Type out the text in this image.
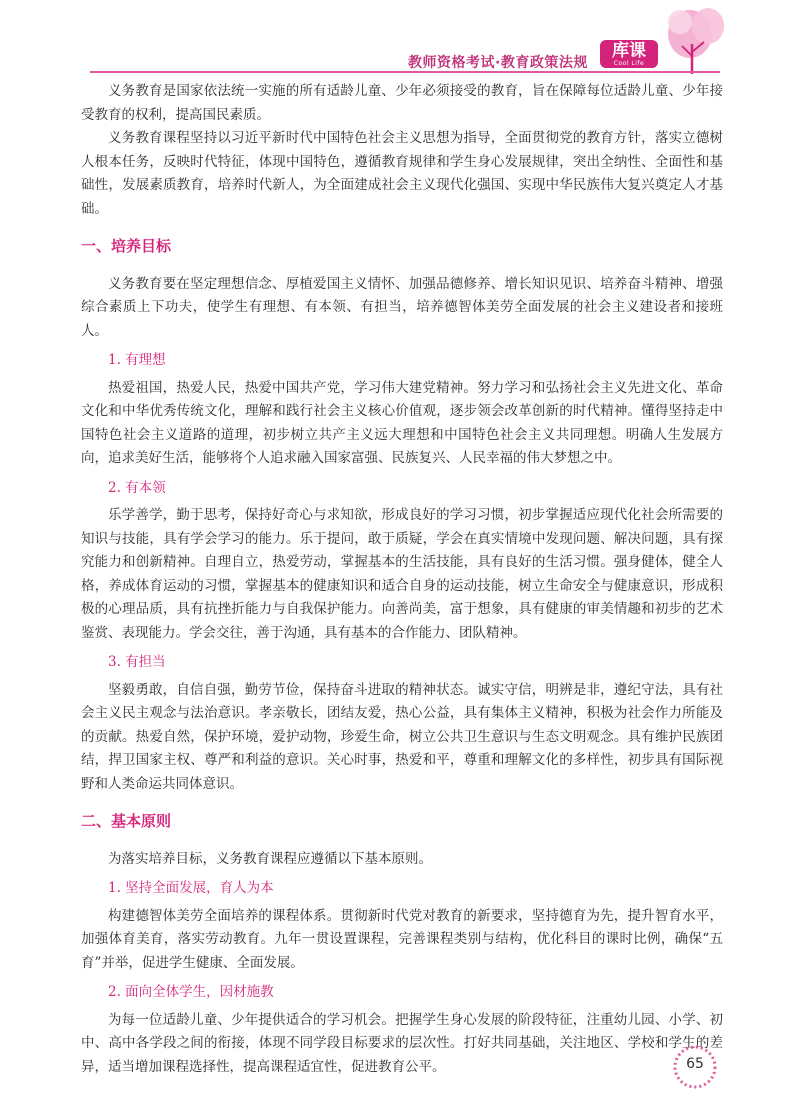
教师资格考试·教育政策法规
库课
Cool Life

义务教育是国家依法统一实施的所有适龄儿童、少年必须接受的教育，旨在保障每位适龄儿童、少年接受教育的权利，提高国民素质。

义务教育课程坚持以习近平新时代中国特色社会主义思想为指导，全面贯彻党的教育方针，落实立德树人根本任务，反映时代特征，体现中国特色，遵循教育规律和学生身心发展规律，突出全纳性、全面性和基础性，发展素质教育，培养时代新人，为全面建成社会主义现代化强国、实现中华民族伟大复兴奠定人才基础。

一、培养目标

义务教育要在坚定理想信念、厚植爱国主义情怀、加强品德修养、增长知识见识、培养奋斗精神、增强综合素质上下功夫，使学生有理想、有本领、有担当，培养德智体美劳全面发展的社会主义建设者和接班人。

1. 有理想

热爱祖国，热爱人民，热爱中国共产党，学习伟大建党精神。努力学习和弘扬社会主义先进文化、革命文化和中华优秀传统文化，理解和践行社会主义核心价值观，逐步领会改革创新的时代精神。懂得坚持走中国特色社会主义道路的道理，初步树立共产主义远大理想和中国特色社会主义共同理想。明确人生发展方向，追求美好生活，能够将个人追求融入国家富强、民族复兴、人民幸福的伟大梦想之中。

2. 有本领

乐学善学，勤于思考，保持好奇心与求知欲，形成良好的学习习惯，初步掌握适应现代化社会所需要的知识与技能，具有学会学习的能力。乐于提问，敢于质疑，学会在真实情境中发现问题、解决问题，具有探究能力和创新精神。自理自立，热爱劳动，掌握基本的生活技能，具有良好的生活习惯。强身健体，健全人格，养成体育运动的习惯，掌握基本的健康知识和适合自身的运动技能，树立生命安全与健康意识，形成积极的心理品质，具有抗挫折能力与自我保护能力。向善尚美，富于想象，具有健康的审美情趣和初步的艺术鉴赏、表现能力。学会交往，善于沟通，具有基本的合作能力、团队精神。

3. 有担当

坚毅勇敢，自信自强，勤劳节俭，保持奋斗进取的精神状态。诚实守信，明辨是非，遵纪守法，具有社会主义民主观念与法治意识。孝亲敬长，团结友爱，热心公益，具有集体主义精神，积极为社会作力所能及的贡献。热爱自然，保护环境，爱护动物，珍爱生命，树立公共卫生意识与生态文明观念。具有维护民族团结，捍卫国家主权、尊严和利益的意识。关心时事，热爱和平，尊重和理解文化的多样性，初步具有国际视野和人类命运共同体意识。

二、基本原则

为落实培养目标，义务教育课程应遵循以下基本原则。

1. 坚持全面发展，育人为本

构建德智体美劳全面培养的课程体系。贯彻新时代党对教育的新要求，坚持德育为先，提升智育水平，加强体育美育，落实劳动教育。九年一贯设置课程，完善课程类别与结构，优化科目的课时比例，确保“五育”并举，促进学生健康、全面发展。

2. 面向全体学生，因材施教

为每一位适龄儿童、少年提供适合的学习机会。把握学生身心发展的阶段特征，注重幼儿园、小学、初中、高中各学段之间的衔接，体现不同学段目标要求的层次性。打好共同基础，关注地区、学校和学生的差异，适当增加课程选择性，提高课程适宜性，促进教育公平。	65
